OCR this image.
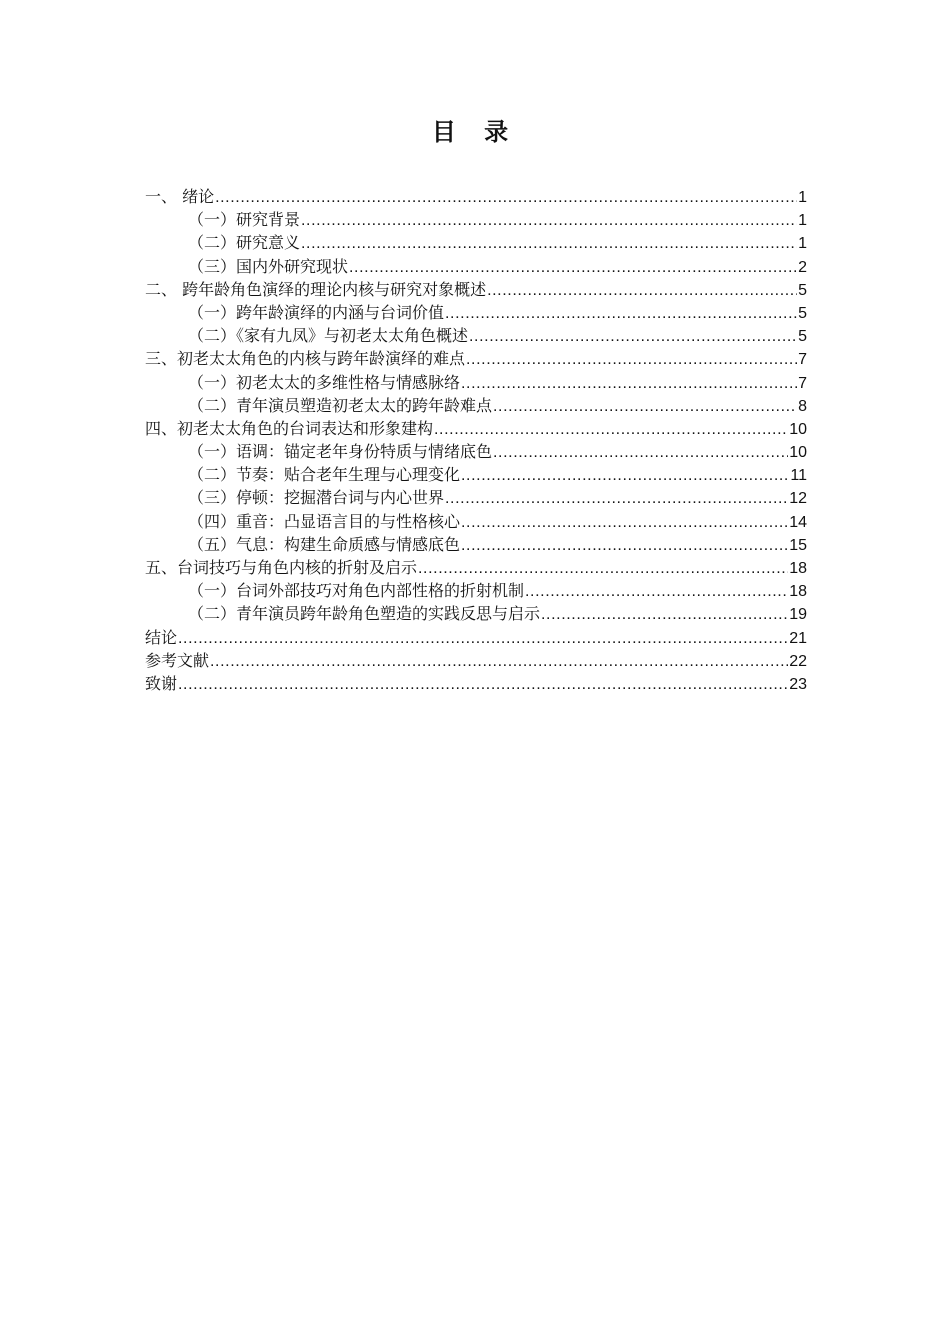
目 录
一、 绪论 .....	1
（一）研究背景 .....	1
（二）研究意义 .....	1
（三）国内外研究现状 .....	2
二、 跨年龄角色演绎的理论内核与研究对象概述 .....	5
（一）跨年龄演绎的内涵与台词价值 .....	5
（二）《家有九凤》与初老太太角色概述 .....	5
三、初老太太角色的内核与跨年龄演绎的难点 .....	7
（一）初老太太的多维性格与情感脉络 .....	7
（二）青年演员塑造初老太太的跨年龄难点 .....	8
四、初老太太角色的台词表达和形象建构 .....	10
（一）语调：锚定老年身份特质与情绪底色 .....	10
（二）节奏：贴合老年生理与心理变化 .....	11
（三）停顿：挖掘潜台词与内心世界 .....	12
（四）重音：凸显语言目的与性格核心 .....	14
（五）气息：构建生命质感与情感底色 .....	15
五、台词技巧与角色内核的折射及启示 .....	18
（一）台词外部技巧对角色内部性格的折射机制 .....	18
（二）青年演员跨年龄角色塑造的实践反思与启示 .....	19
结论 .....	21
参考文献 .....	22
致谢 .....	23
